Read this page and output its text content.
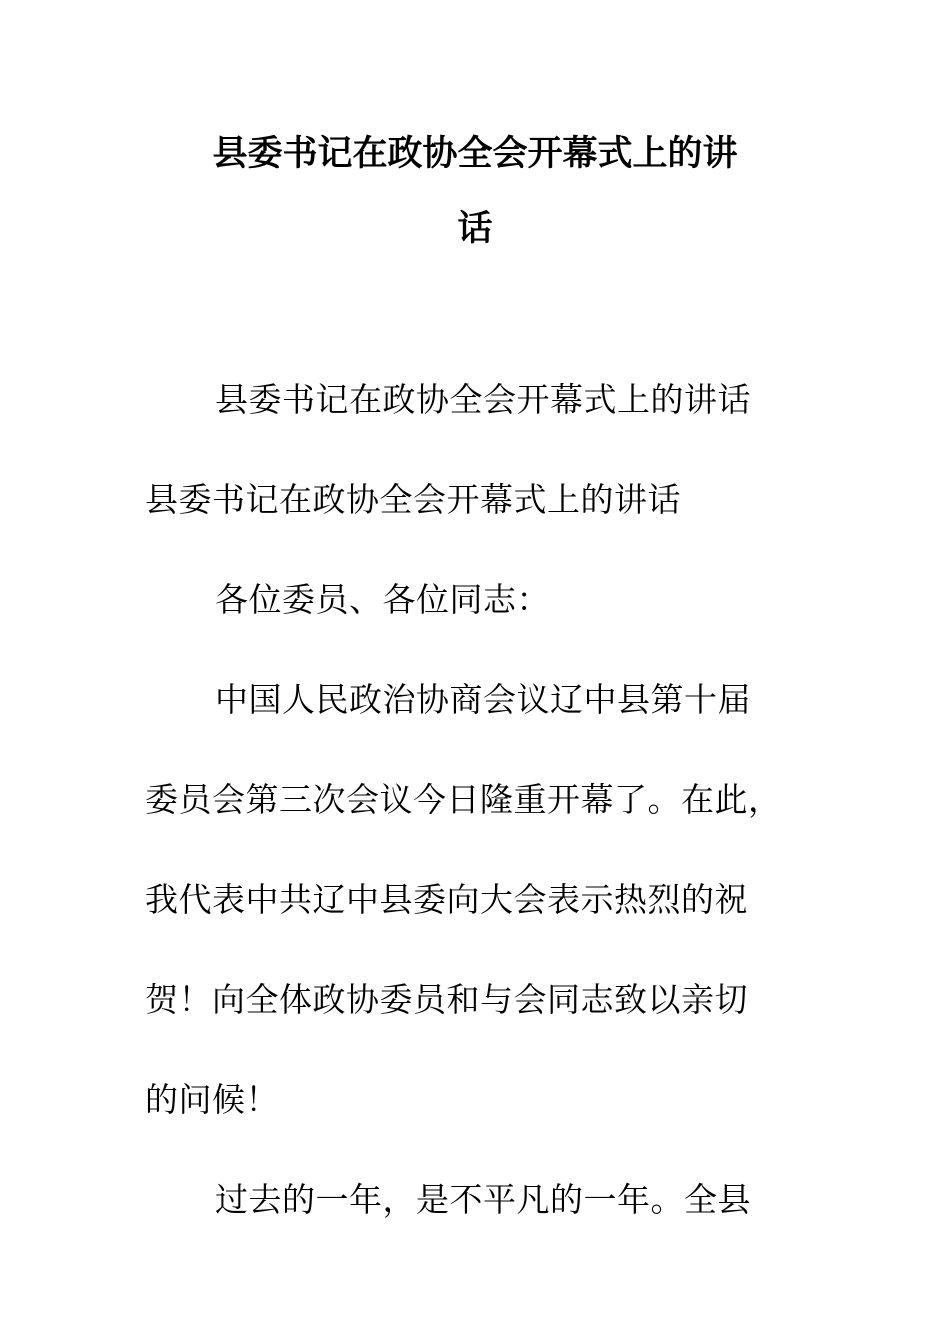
县委书记在政协全会开幕式上的讲
话
县委书记在政协全会开幕式上的讲话
县委书记在政协全会开幕式上的讲话
各位委员、各位同志：
中国人民政治协商会议辽中县第十届
委员会第三次会议今日隆重开幕了。在此，
我代表中共辽中县委向大会表示热烈的祝
贺！向全体政协委员和与会同志致以亲切
的问候！
过去的一年，是不平凡的一年。全县
